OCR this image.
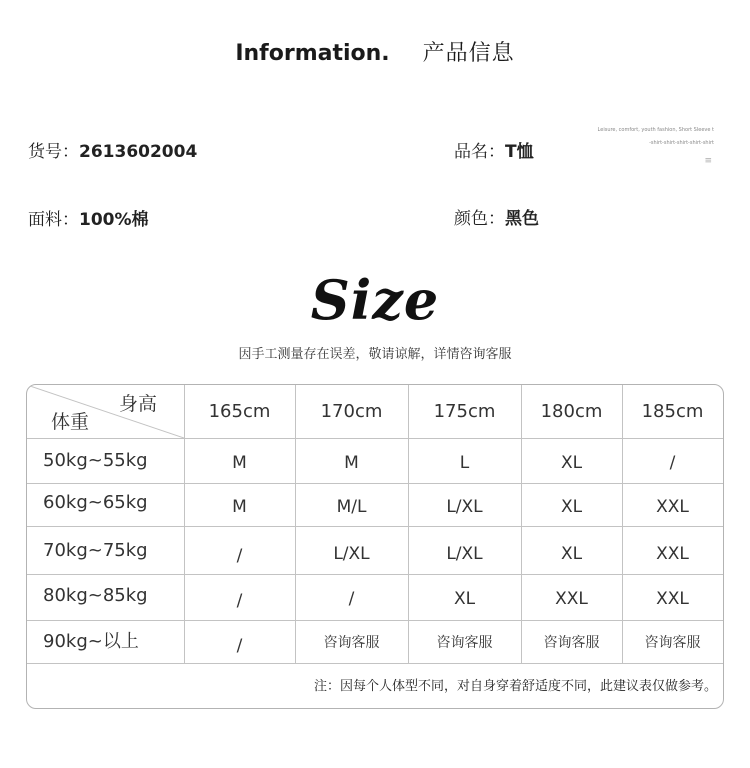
Information. 产品信息
货号：2613602004	品名：T恤
面料：100%棉	颜色：黑色
Leisure, comfort, youth fashion, Short Sleeve t
-shirt-shirt-shirt-shirt-shirt
≡
Size
因手工测量存在误差，敬请谅解，详情咨询客服
身高
体重	165cm	170cm	175cm	180cm	185cm
50kg~55kg	M	M	L	XL	/
60kg~65kg	M	M/L	L/XL	XL	XXL
70kg~75kg	/	L/XL	L/XL	XL	XXL
80kg~85kg	/	/	XL	XXL	XXL
90kg~以上	/	咨询客服	咨询客服	咨询客服	咨询客服
注：因每个人体型不同，对自身穿着舒适度不同，此建议表仅做参考。
